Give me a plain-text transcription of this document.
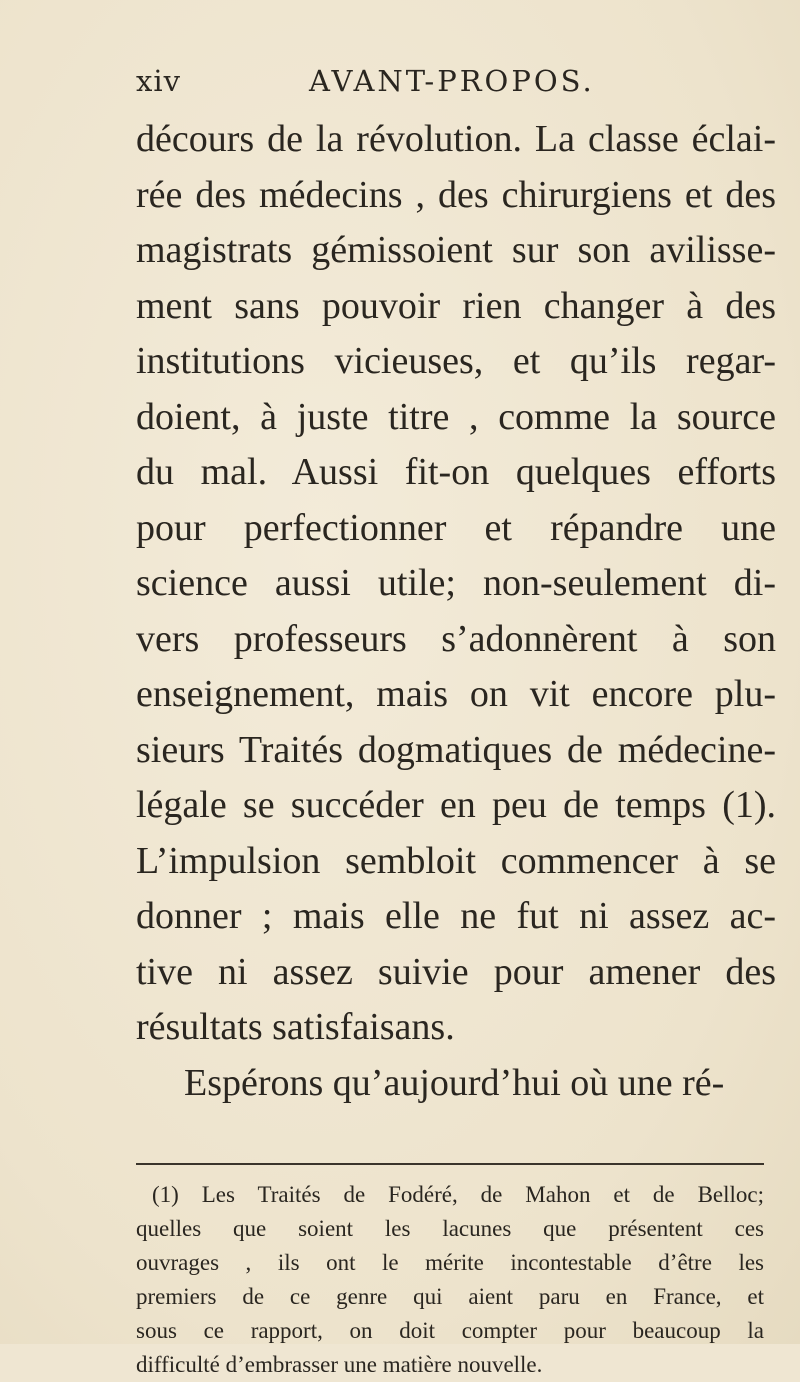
xiv	AVANT-PROPOS.
décours de la révolution. La classe éclai-
rée des médecins , des chirurgiens et des
magistrats gémissoient sur son avilisse-
ment sans pouvoir rien changer à des
institutions vicieuses, et qu’ils regar-
doient, à juste titre , comme la source
du mal. Aussi fit-on quelques efforts
pour perfectionner et répandre une
science aussi utile; non-seulement di-
vers professeurs s’adonnèrent à son
enseignement, mais on vit encore plu-
sieurs Traités dogmatiques de médecine-
légale se succéder en peu de temps (1).
L’impulsion sembloit commencer à se
donner ; mais elle ne fut ni assez ac-
tive ni assez suivie pour amener des
résultats satisfaisans.
Espérons qu’aujourd’hui où une ré-
(1) Les Traités de Fodéré, de Mahon et de Belloc;
quelles que soient les lacunes que présentent ces
ouvrages , ils ont le mérite incontestable d’être les
premiers de ce genre qui aient paru en France, et
sous ce rapport, on doit compter pour beaucoup la
difficulté d’embrasser une matière nouvelle.
